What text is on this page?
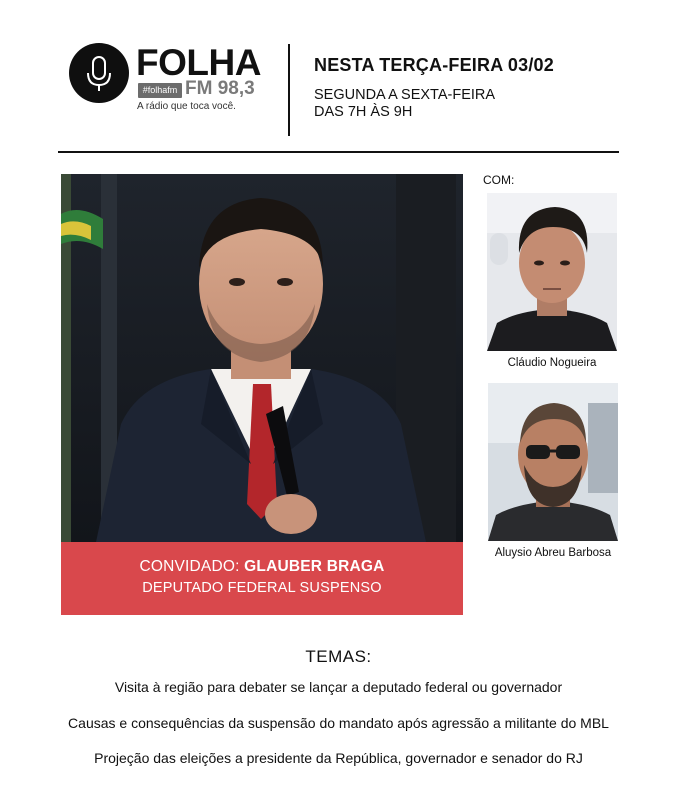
FOLHA
#folhafm FM 98,3
A rádio que toca você.
NESTA TERÇA-FEIRA 03/02
SEGUNDA A SEXTA-FEIRA
DAS 7H ÀS 9H
CONVIDADO: GLAUBER BRAGA
DEPUTADO FEDERAL SUSPENSO
COM:
Cláudio Nogueira
Aluysio Abreu Barbosa
TEMAS:
Visita à região para debater se lançar a deputado federal ou governador
Causas e consequências da suspensão do mandato após agressão a militante do MBL
Projeção das eleições a presidente da República, governador e senador do RJ
